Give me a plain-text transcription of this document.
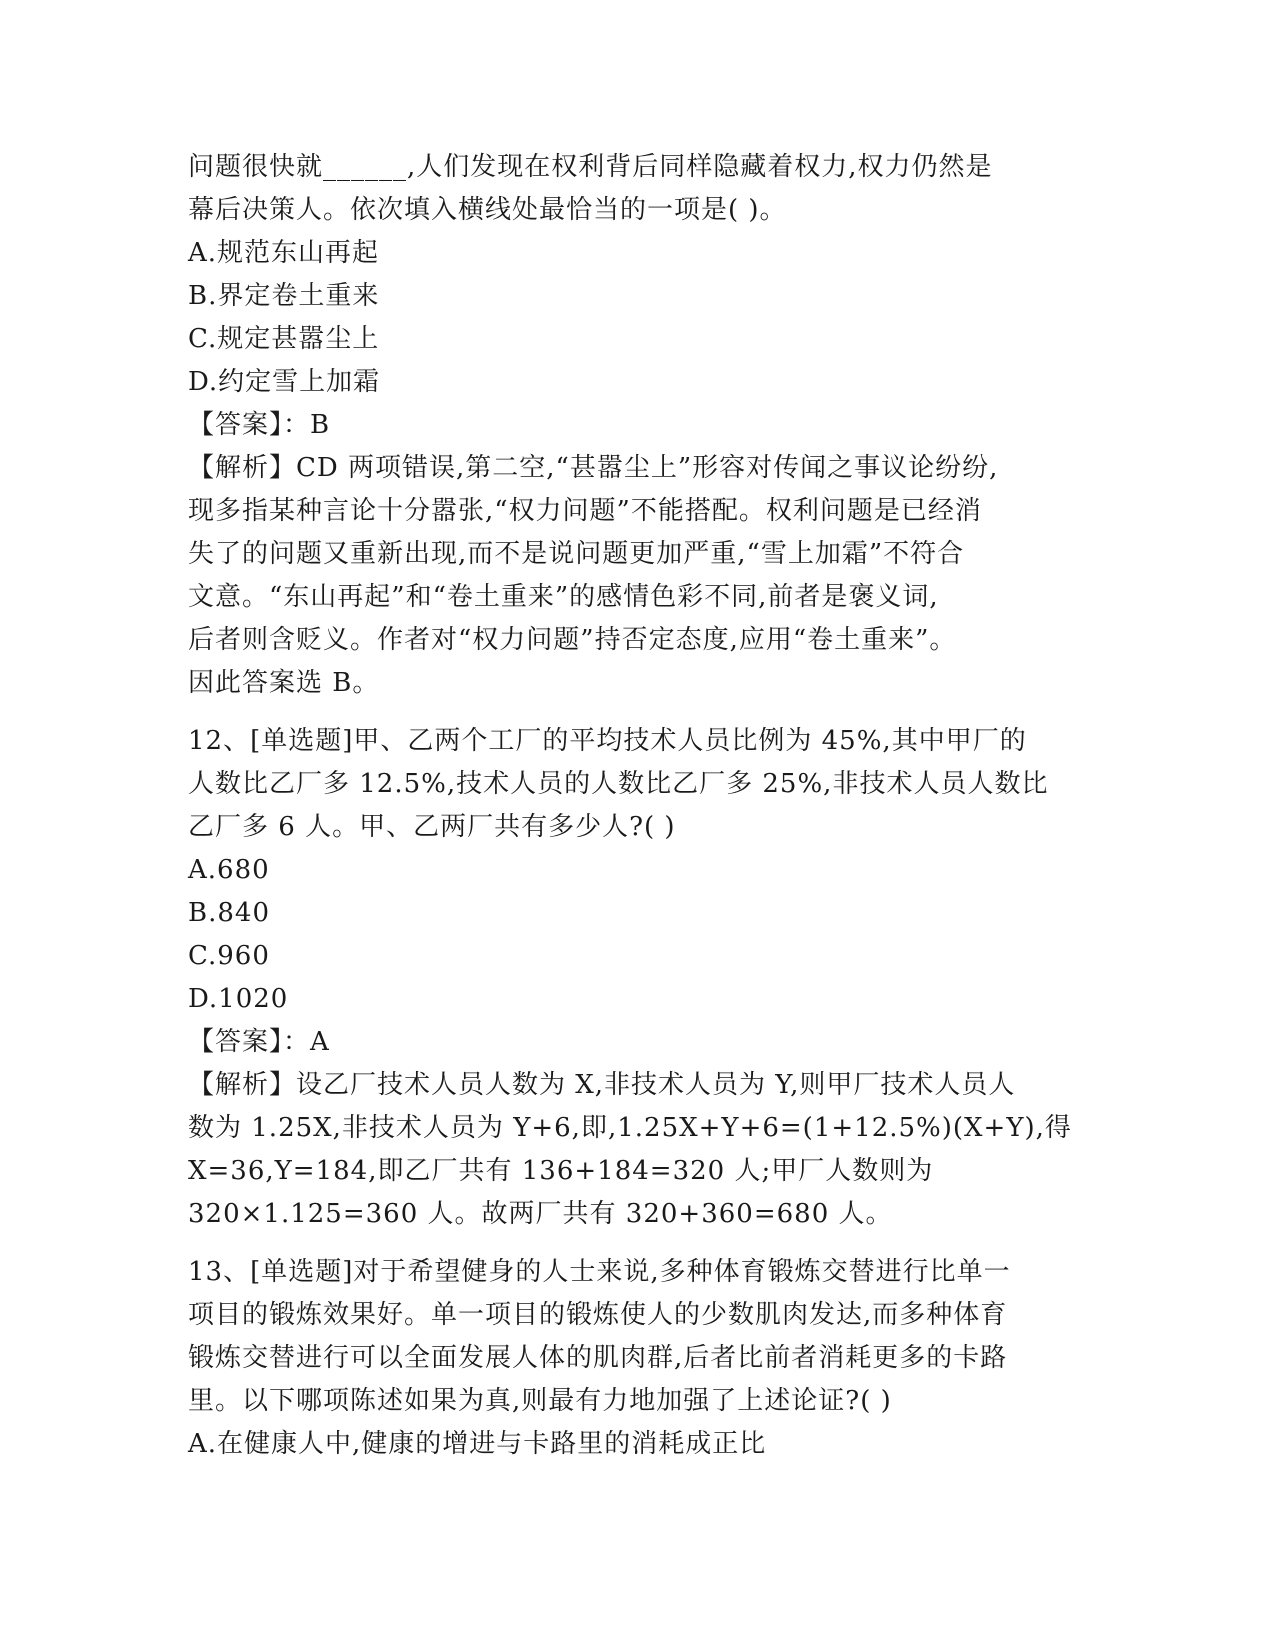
问题很快就______,人们发现在权利背后同样隐藏着权力,权力仍然是
幕后决策人。依次填入横线处最恰当的一项是( )。
A.规范东山再起
B.界定卷土重来
C.规定甚嚣尘上
D.约定雪上加霜
【答案】：B
【解析】CD 两项错误,第二空,“甚嚣尘上”形容对传闻之事议论纷纷,
现多指某种言论十分嚣张,“权力问题”不能搭配。权利问题是已经消
失了的问题又重新出现,而不是说问题更加严重,“雪上加霜”不符合
文意。“东山再起”和“卷土重来”的感情色彩不同,前者是褒义词,
后者则含贬义。作者对“权力问题”持否定态度,应用“卷土重来”。
因此答案选 B。
12、[单选题]甲、乙两个工厂的平均技术人员比例为 45%,其中甲厂的
人数比乙厂多 12.5%,技术人员的人数比乙厂多 25%,非技术人员人数比
乙厂多 6 人。甲、乙两厂共有多少人?( )
A.680
B.840
C.960
D.1020
【答案】：A
【解析】设乙厂技术人员人数为 X,非技术人员为 Y,则甲厂技术人员人
数为 1.25X,非技术人员为 Y+6,即,1.25X+Y+6=(1+12.5%)(X+Y),得
X=36,Y=184,即乙厂共有 136+184=320 人;甲厂人数则为
320×1.125=360 人。故两厂共有 320+360=680 人。
13、[单选题]对于希望健身的人士来说,多种体育锻炼交替进行比单一
项目的锻炼效果好。单一项目的锻炼使人的少数肌肉发达,而多种体育
锻炼交替进行可以全面发展人体的肌肉群,后者比前者消耗更多的卡路
里。以下哪项陈述如果为真,则最有力地加强了上述论证?( )
A.在健康人中,健康的增进与卡路里的消耗成正比
